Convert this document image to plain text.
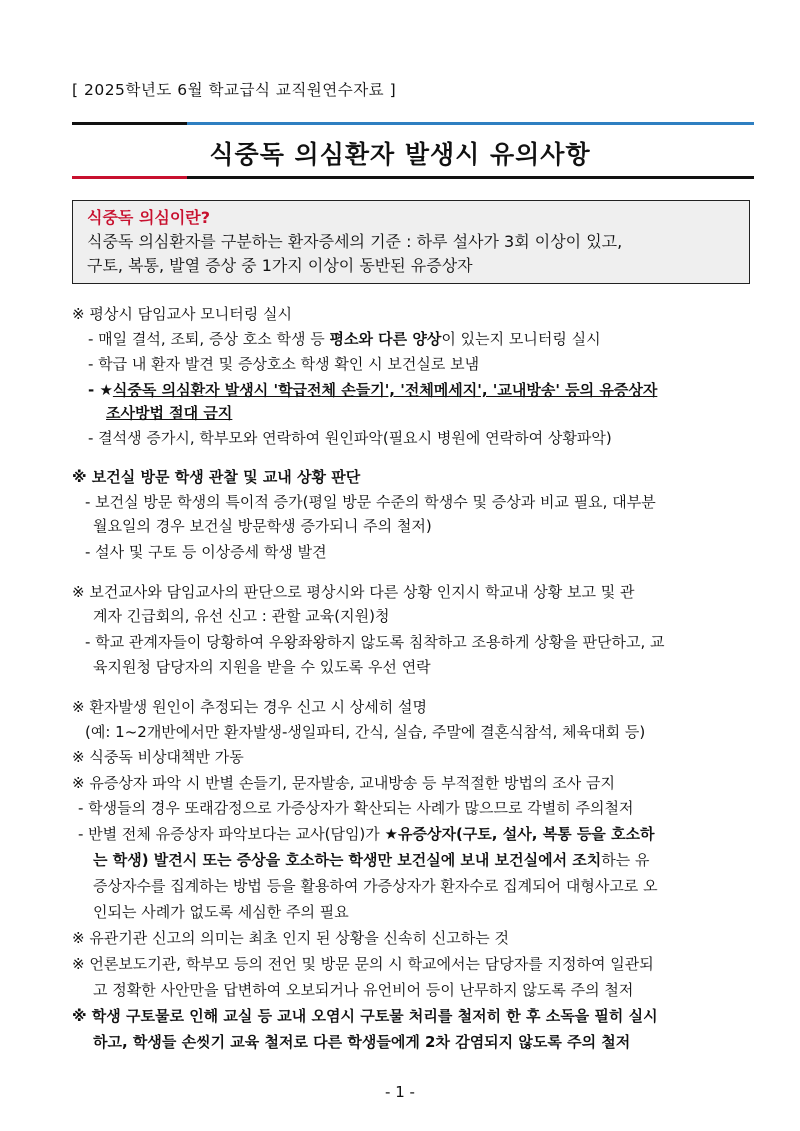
[ 2025학년도 6월 학교급식 교직원연수자료 ]
식중독 의심환자 발생시 유의사항
식중독 의심이란?
식중독 의심환자를 구분하는 환자증세의 기준 : 하루 설사가 3회 이상이 있고,
구토, 복통, 발열 증상 중 1가지 이상이 동반된 유증상자
※ 평상시 담임교사 모니터링 실시
- 매일 결석, 조퇴, 증상 호소 학생 등 평소와 다른 양상이 있는지 모니터링 실시
- 학급 내 환자 발견 및 증상호소 학생 확인 시 보건실로 보냄
- ★식중독 의심환자 발생시 '학급전체 손들기', '전체메세지', '교내방송' 등의 유증상자
조사방법 절대 금지
- 결석생 증가시, 학부모와 연락하여 원인파악(필요시 병원에 연락하여 상황파악)
※ 보건실 방문 학생 관찰 및 교내 상황 판단
- 보건실 방문 학생의 특이적 증가(평일 방문 수준의 학생수 및 증상과 비교 필요, 대부분
월요일의 경우 보건실 방문학생 증가되니 주의 철저)
- 설사 및 구토 등 이상증세 학생 발견
※ 보건교사와 담임교사의 판단으로 평상시와 다른 상황 인지시 학교내 상황 보고 및 관
계자 긴급회의, 유선 신고 : 관할 교육(지원)청
- 학교 관계자들이 당황하여 우왕좌왕하지 않도록 침착하고 조용하게 상황을 판단하고, 교
육지원청 담당자의 지원을 받을 수 있도록 우선 연락
※ 환자발생 원인이 추정되는 경우 신고 시 상세히 설명
(예: 1~2개반에서만 환자발생-생일파티, 간식, 실습, 주말에 결혼식참석, 체육대회 등)
※ 식중독 비상대책반 가동
※ 유증상자 파악 시 반별 손들기, 문자발송, 교내방송 등 부적절한 방법의 조사 금지
- 학생들의 경우 또래감정으로 가증상자가 확산되는 사례가 많으므로 각별히 주의철저
- 반별 전체 유증상자 파악보다는 교사(담임)가 ★유증상자(구토, 설사, 복통 등을 호소하
는 학생) 발견시 또는 증상을 호소하는 학생만 보건실에 보내 보건실에서 조치하는 유
증상자수를 집계하는 방법 등을 활용하여 가증상자가 환자수로 집계되어 대형사고로 오
인되는 사례가 없도록 세심한 주의 필요
※ 유관기관 신고의 의미는 최초 인지 된 상황을 신속히 신고하는 것
※ 언론보도기관, 학부모 등의 전언 및 방문 문의 시 학교에서는 담당자를 지정하여 일관되
고 정확한 사안만을 답변하여 오보되거나 유언비어 등이 난무하지 않도록 주의 철저
※ 학생 구토물로 인해 교실 등 교내 오염시 구토물 처리를 철저히 한 후 소독을 필히 실시
하고, 학생들 손씻기 교육 철저로 다른 학생들에게 2차 감염되지 않도록 주의 철저
- 1 -
